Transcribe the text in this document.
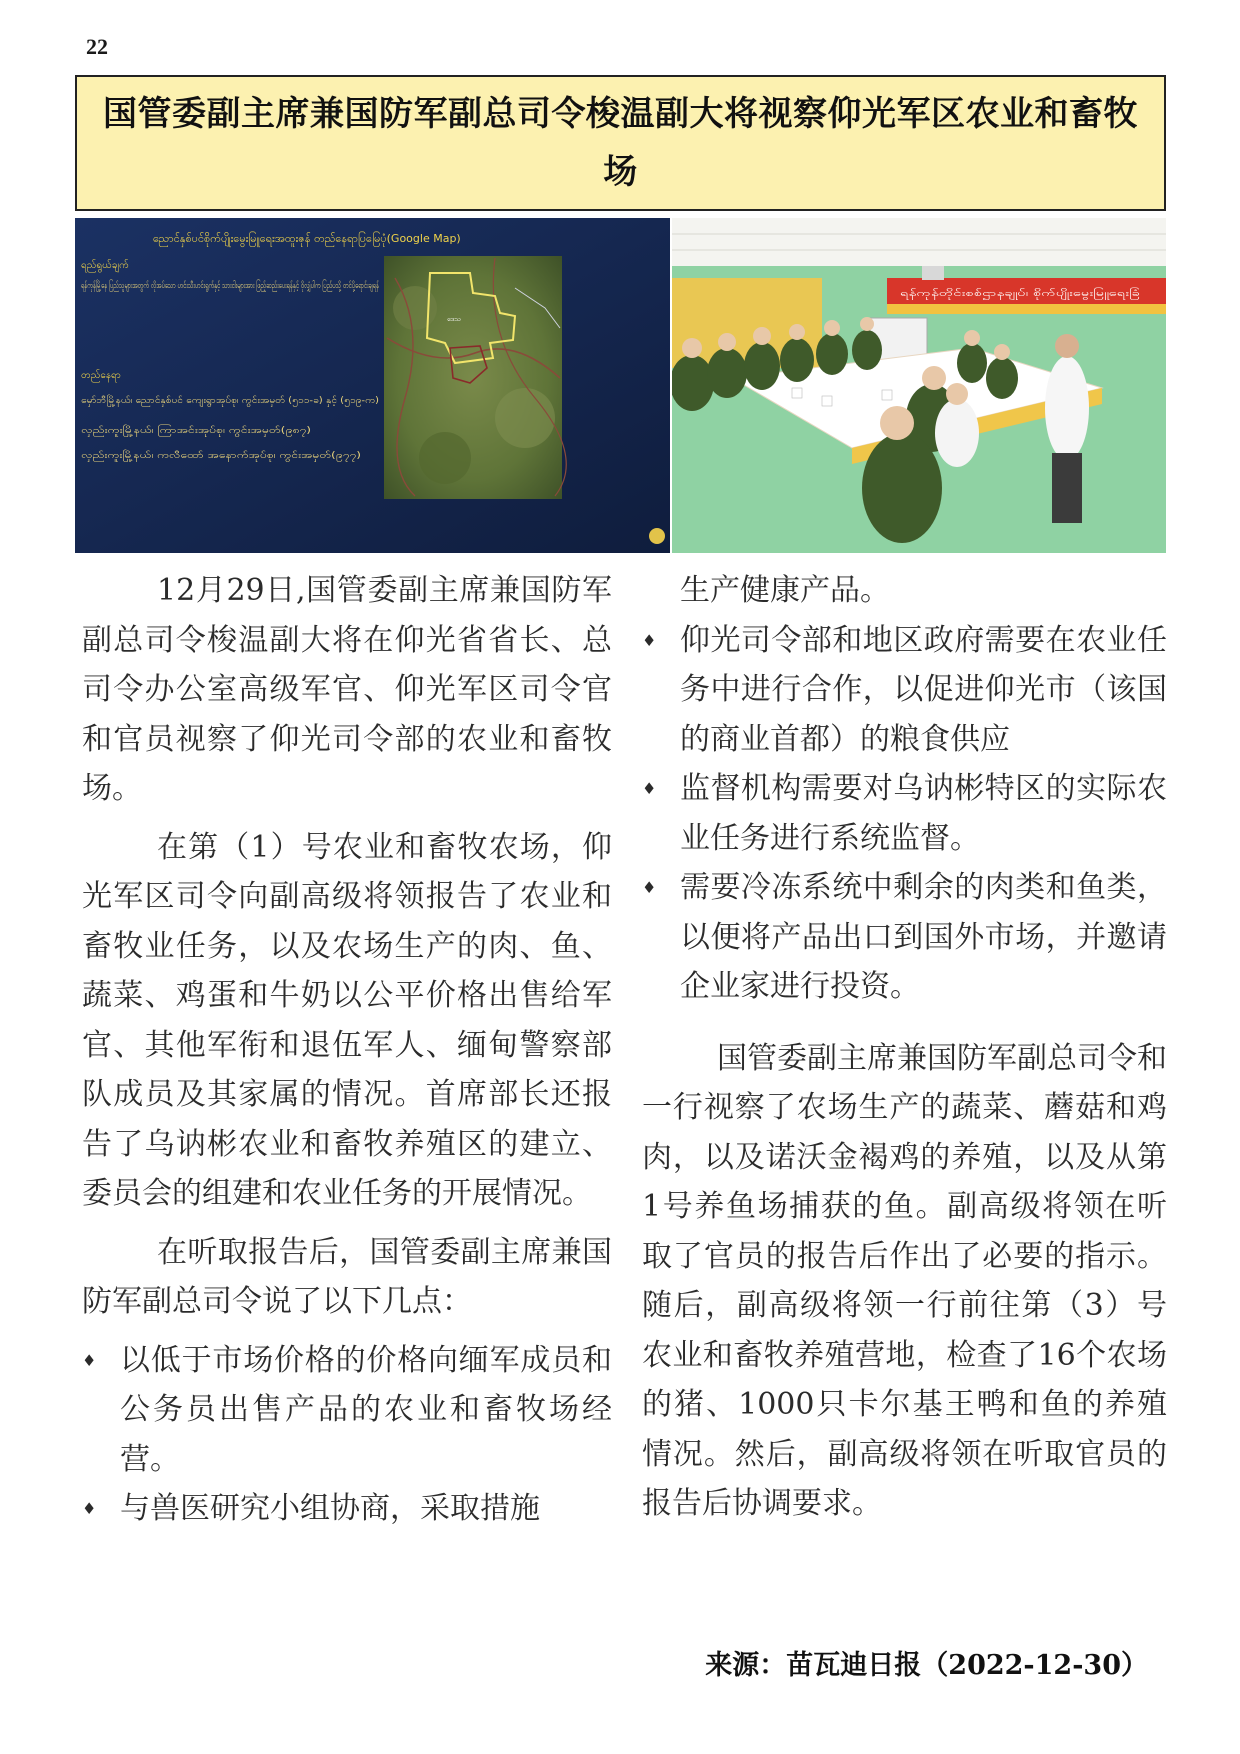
22
国管委副主席兼国防军副总司令梭温副大将视察仰光军区农业和畜牧场
ညောင်နှစ်ပင်စိုက်ပျိုးမွေးမြူရေးအထူးဇုန် တည်နေရာပြမြေပုံ(Google Map)
ရည်ရွယ်ချက်
ရန်ကုန်မြို့နေ ပြည်သူများအတွက် လိုအပ်သော ဟင်းသီးဟင်းရွက်နှင့် သားငါးများအား ဖြည့်ဆည်းပေးရန်နှင့် ဝိုလျှံပါက ပြည်ပသို့ တင်ပို့ရောင်းချရန်
တည်နေရာ
မှော်ဘီမြို့နယ်၊ ညောင်နှစ်ပင် ကျေးရွာအုပ်စု၊ ကွင်းအမှတ် (၅၁၁-ခ) နှင့် (၅၁၉-က)
လှည်းကူးမြို့နယ်၊ ကြာအင်းအုပ်စု၊ ကွင်းအမှတ်(၉၈၇)
လှည်းကူးမြို့နယ်၊ ကလီထော် အနောက်အုပ်စု၊ ကွင်းအမှတ်(၉၇၇)
ဒေသ
ရန်ကုန်တိုင်းစစ်ဌာနချုပ်၊ စိုက်ပျိုးမွေးမြူရေးခြံ

12月29日,国管委副主席兼国防军副总司令梭温副大将在仰光省省长、总司令办公室高级军官、仰光军区司令官和官员视察了仰光司令部的农业和畜牧场。

在第（1）号农业和畜牧农场，仰光军区司令向副高级将领报告了农业和畜牧业任务，以及农场生产的肉、鱼、蔬菜、鸡蛋和牛奶以公平价格出售给军官、其他军衔和退伍军人、缅甸警察部队成员及其家属的情况。首席部长还报告了乌讷彬农业和畜牧养殖区的建立、委员会的组建和农业任务的开展情况。

在听取报告后，国管委副主席兼国防军副总司令说了以下几点：

♦ 以低于市场价格的价格向缅军成员和公务员出售产品的农业和畜牧场经营。
♦ 与兽医研究小组协商，采取措施
生产健康产品。
♦ 仰光司令部和地区政府需要在农业任务中进行合作，以促进仰光市（该国的商业首都）的粮食供应
♦ 监督机构需要对乌讷彬特区的实际农业任务进行系统监督。
♦ 需要冷冻系统中剩余的肉类和鱼类，以便将产品出口到国外市场，并邀请企业家进行投资。

国管委副主席兼国防军副总司令和一行视察了农场生产的蔬菜、蘑菇和鸡肉，以及诺沃金褐鸡的养殖，以及从第1号养鱼场捕获的鱼。副高级将领在听取了官员的报告后作出了必要的指示。随后，副高级将领一行前往第（3）号农业和畜牧养殖营地，检查了16个农场的猪、1000只卡尔基王鸭和鱼的养殖情况。然后，副高级将领在听取官员的报告后协调要求。

来源：苗瓦迪日报（2022-12-30）
